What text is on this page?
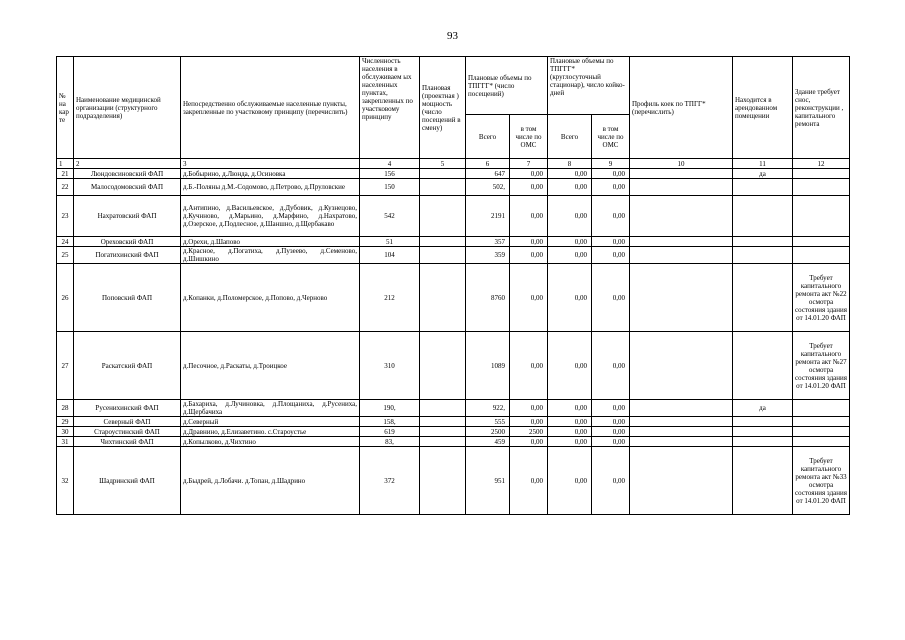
93
№ на кар те	Наименование медицинской организации (структурного подразделения)	Непосредственно обслуживаемые населенные пункты, закрепленные по участковому принципу (перечислить)	Численность населения в обслуживаем ых населенных пунктах, закрепленных по участковому принципу	Плановая (проектная ) мощность (число посещений в смену)	Плановые объемы по ТПГГГ* (число посещений)		Плановые объемы по ТПГГГ* (круглосуточный стационар), число койко-дней		Профиль коек по ТПГГ* (перечислить)	Находится в арендованном помещении	Здание требует снос, реконструкции , капитального ремонта
					Всего	в том числе по ОМС	Всего	в том числе по ОМС			
1	2	3	4	5	6	7	8	9	10	11	12
21	Люндовсиновский ФАП	д.Бобырино, д.Люнда, д.Осиновка	156		647	0,00	0,00	0,00		да	
22	Малосодомовский ФАП	д.Б.-Поляны д.М.-Содомово, д.Петрово, д.Пруловские	150		502,	0,00	0,00	0,00			
23	Нахратовский ФАП	д.Антипино, д.Васильевское, д.Дубовик, д.Кузнецово, д.Кучнново, д.Марьино, д.Марфино, д.Нахратово, д.Озерское, д.Подлесное, д.Шаншно, д.Щербакаво	542		2191	0,00	0,00	0,00			
24	Ореховский ФАП	д.Орехи, д.Шапово	51		357	0,00	0,00	0,00			
25	Погатихинский ФАП	д.Красное, д.Погатиха, д.Пузеево, д.Семеново, д.Шишкино	104		359	0,00	0,00	0,00			
26	Поповский ФАП	д.Копанки, д.Поломерское, д.Попово, д.Черново	212		8760	0,00	0,00	0,00			Требует капитального ремонта акт №22 осмотра состояния здания от 14.01.20 ФАП
27	Раскатский ФАП	д.Песочное, д.Раскаты, д.Троицкое	310		1089	0,00	0,00	0,00			Требует капитального ремонта акт №27 осмотра состояния здания от 14.01.20 ФАП
28	Русенихинский ФАП	д.Бахариха, д.Лучиновка, д.Площаниха, д.Русениха, д.Щербачиха	190,		922,	0,00	0,00	0,00		да	
29	Северный ФАП	д.Северный	158,		555	0,00	0,00	0,00			
30	Староустинский ФАП	д.Дравнино, д.Елизаветино. с.Староустье	619		2500	2500	0,00	0,00			
31	Чихтинский ФАП	д.Копылково, д.Чихтино	83,		459	0,00	0,00	0,00			
32	Шадринский ФАП	д.Быдрей, д.Лобачи. д.Топан, д.Шадрино	372		951	0,00	0,00	0,00			Требует капитального ремонта акт №33 осмотра состояния здания от 14.01.20 ФАП
